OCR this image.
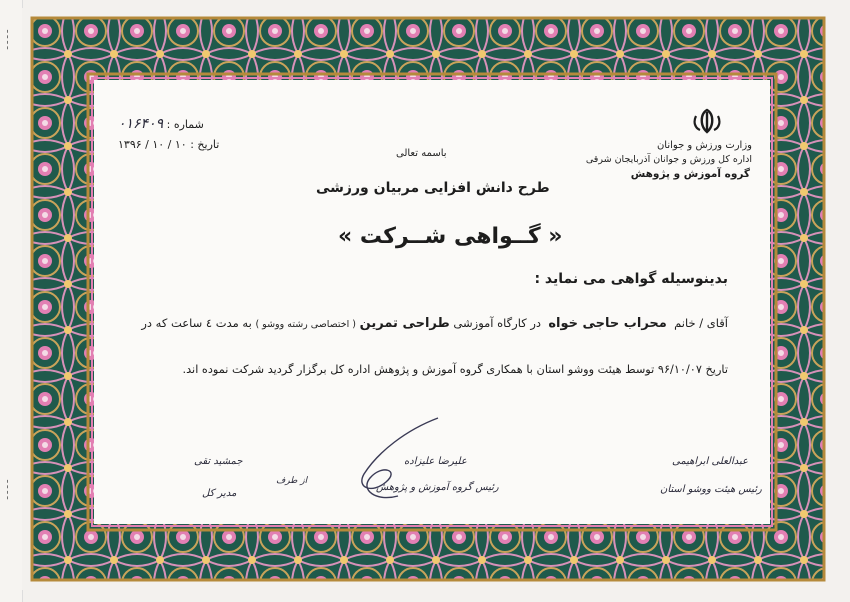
ـ ـ ـ ـ
ـ ـ ـ ـ
شماره : ۰۱۶۴۰۹
تاریخ : ۱۰ / ۱۰ / ۱۳۹۶	وزارت ورزش و جوانان
اداره کل ورزش و جوانان آذربایجان شرقی
گروه آموزش و پژوهش
باسمه تعالی
طرح دانش افزایی مربیان ورزشی
« گــواهی شــرکت »
بدینوسیله گواهی می نماید :
آقای / خانم  محراب حاجی خواه  در کارگاه آموزشی طراحی تمرین ( اختصاصی رشته ووشو ) به مدت ٤ ساعت که در
تاریخ ۹۶/۱۰/۰۷ توسط هیئت ووشو استان با همکاری گروه آموزش و پژوهش اداره کل برگزار گردید شرکت نموده اند.
عبدالعلی ابراهیمی
رئیس هیئت ووشو استان
علیرضا علیزاده
رئیس گروه آموزش و پژوهش
جمشید تقی
از طرف
مدیر کل
